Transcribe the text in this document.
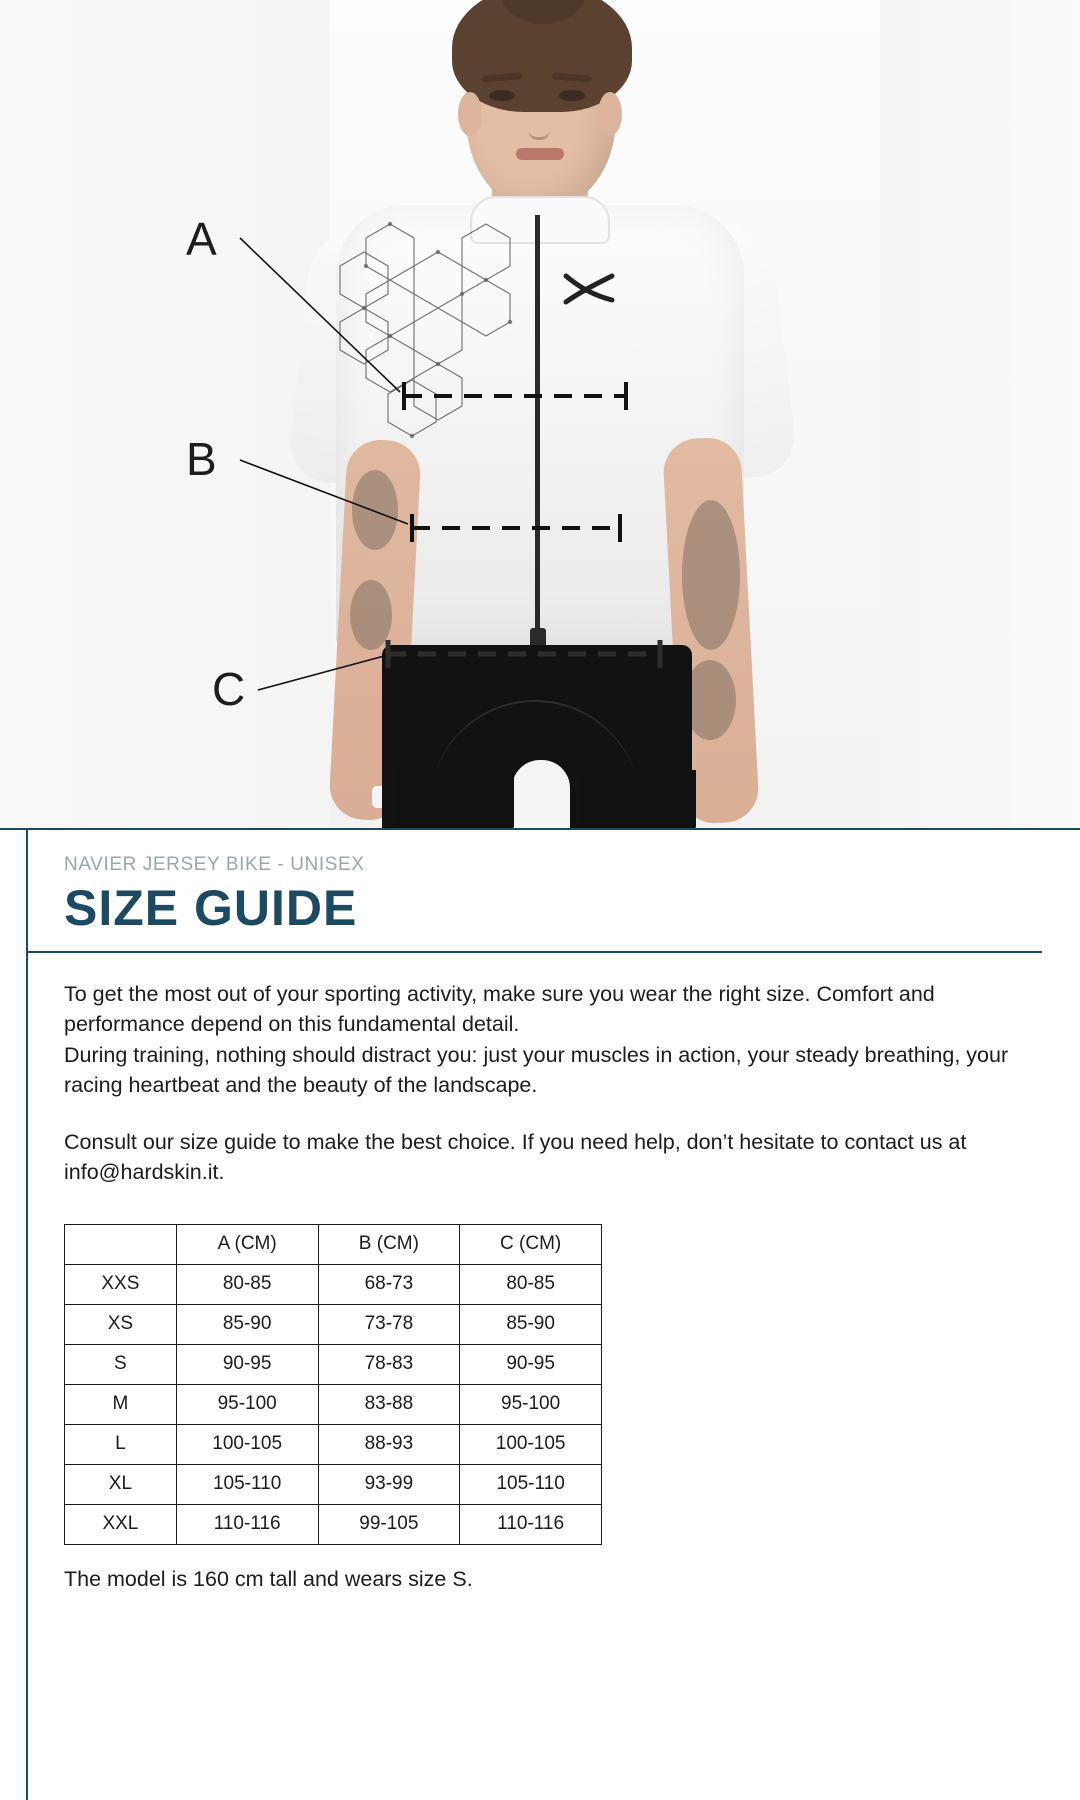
A
B
C
NAVIER JERSEY BIKE - UNISEX
SIZE GUIDE

To get the most out of your sporting activity, make sure you wear the right size. Comfort and performance depend on this fundamental detail.

During training, nothing should distract you: just your muscles in action, your steady breathing, your racing heartbeat and the beauty of the landscape.

Consult our size guide to make the best choice. If you need help, don’t hesitate to contact us at info@hardskin.it.

	A (CM)	B (CM)	C (CM)
XXS	80-85	68-73	80-85
XS	85-90	73-78	85-90
S	90-95	78-83	90-95
M	95-100	83-88	95-100
L	100-105	88-93	100-105
XL	105-110	93-99	105-110
XXL	110-116	99-105	110-116
The model is 160 cm tall and wears size S.
